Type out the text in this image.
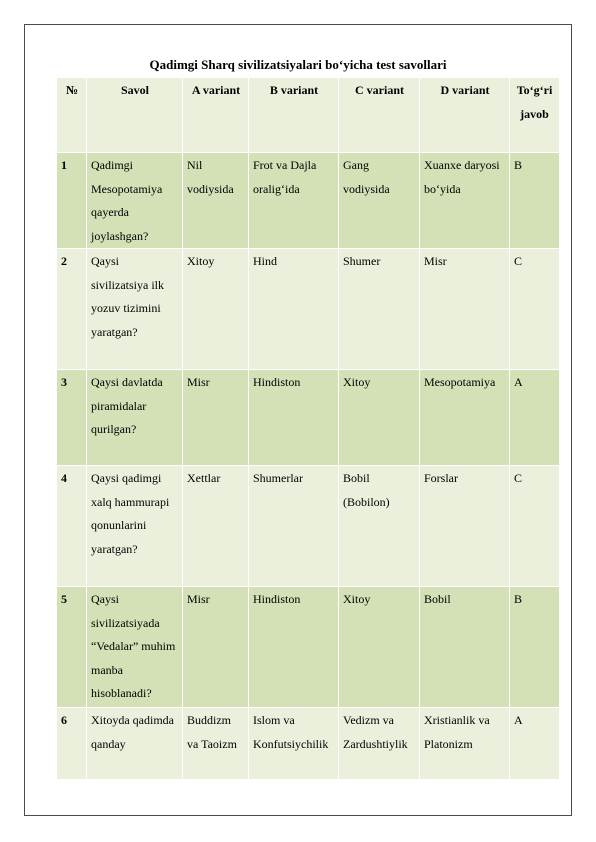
Qadimgi Sharq sivilizatsiyalari bo‘yicha test savollari
№	Savol	A variant	B variant	C variant	D variant	To‘g‘ri javob
1	Qadimgi Mesopotamiya qayerda joylashgan?	Nil vodiysida	Frot va Dajla oralig‘ida	Gang vodiysida	Xuanxe daryosi bo‘yida	B
2	Qaysi sivilizatsiya ilk yozuv tizimini yaratgan?	Xitoy	Hind	Shumer	Misr	C
3	Qaysi davlatda piramidalar qurilgan?	Misr	Hindiston	Xitoy	Mesopotamiya	A
4	Qaysi qadimgi xalq hammurapi qonunlarini yaratgan?	Xettlar	Shumerlar	Bobil (Bobilon)	Forslar	C
5	Qaysi sivilizatsiyada “Vedalar” muhim manba hisoblanadi?	Misr	Hindiston	Xitoy	Bobil	B
6	Xitoyda qadimda qanday	Buddizm va Taoizm	Islom va Konfutsiychilik	Vedizm va Zardushtiylik	Xristianlik va Platonizm	A
